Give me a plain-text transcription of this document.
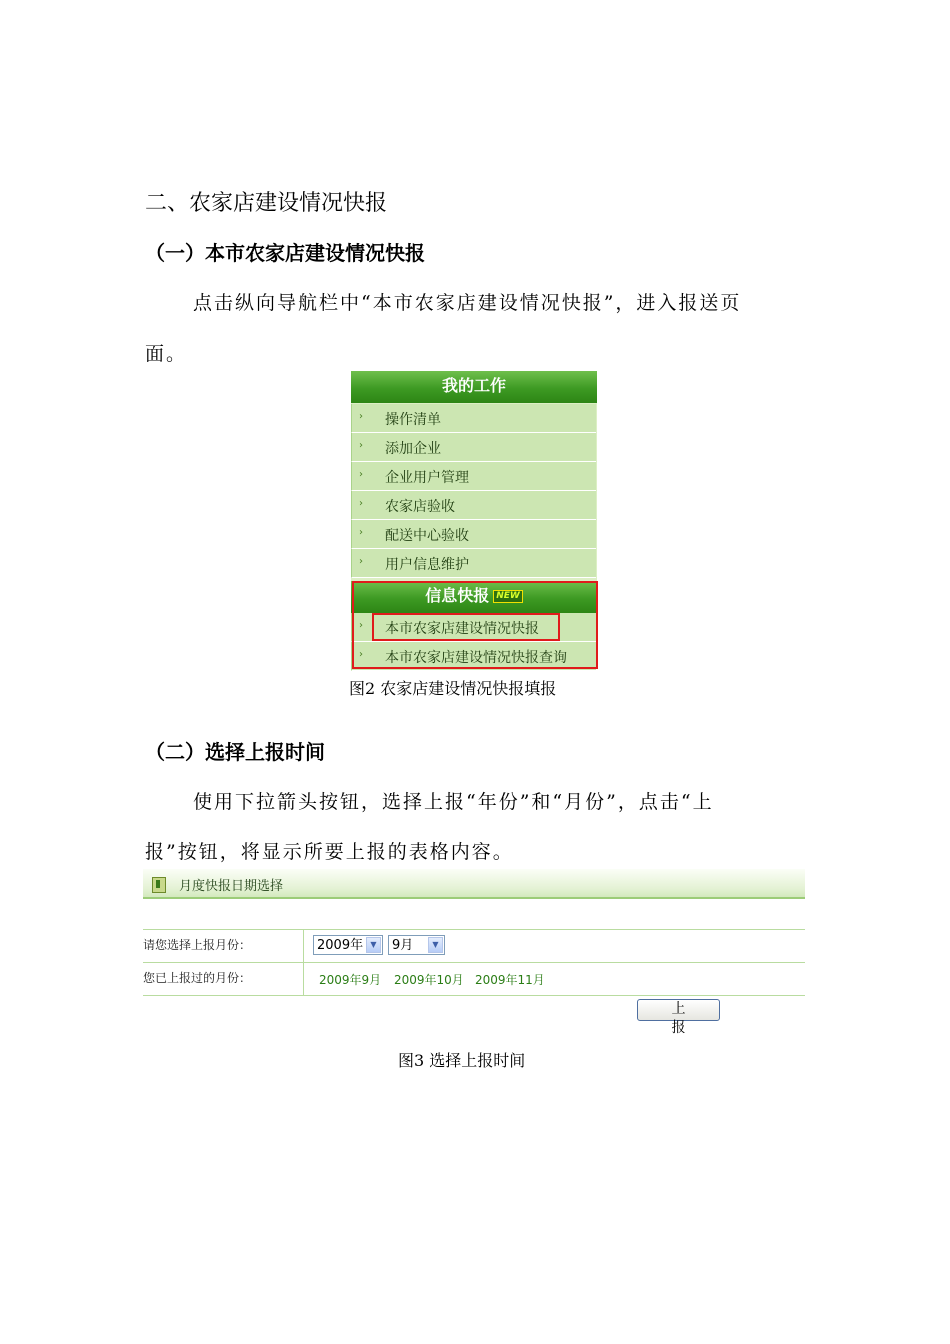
二、农家店建设情况快报
（一）本市农家店建设情况快报
点击纵向导航栏中“本市农家店建设情况快报”，进入报送页
面。
我的工作
› 操作清单
› 添加企业
› 企业用户管理
› 农家店验收
› 配送中心验收
› 用户信息维护
信息快报 NEW
› 本市农家店建设情况快报
› 本市农家店建设情况快报查询
图2 农家店建设情况快报填报
（二）选择上报时间
使用下拉箭头按钮，选择上报“年份”和“月份”，点击“上
报”按钮，将显示所要上报的表格内容。
月度快报日期选择
请您选择上报月份：	2009年 ▼	9月	▼
您已上报过的月份：	2009年9月 2009年10月 2009年11月
上报
图3 选择上报时间
